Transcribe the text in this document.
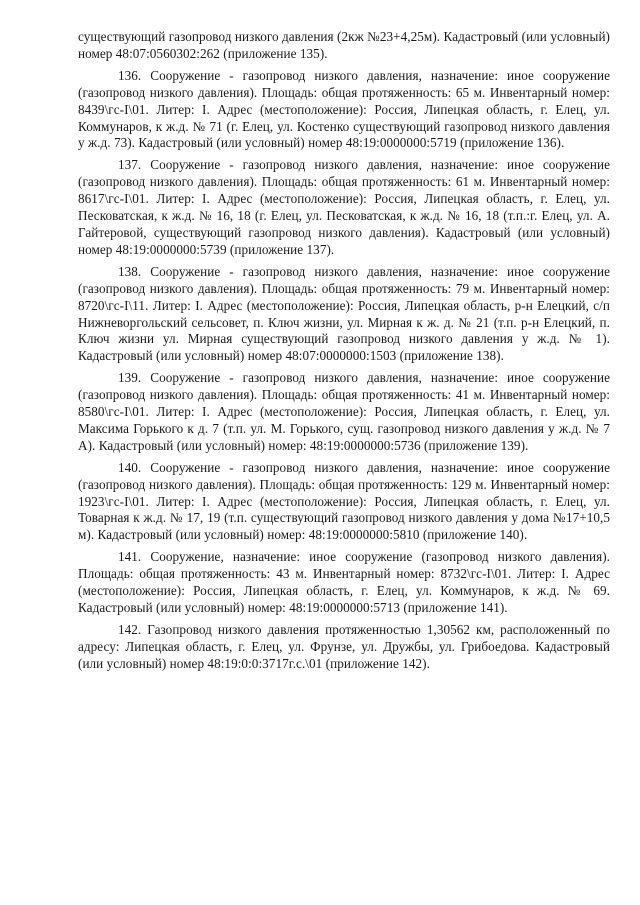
существующий газопровод низкого давления (2кж №23+4,25м). Кадастровый (или условный) номер 48:07:0560302:262 (приложение 135).

136. Сооружение - газопровод низкого давления, назначение: иное сооружение (газопровод низкого давления). Площадь: общая протяженность: 65 м. Инвентарный номер: 8439\гс-I\01. Литер: I. Адрес (местоположение): Россия, Липецкая область, г. Елец, ул. Коммунаров, к ж.д. № 71 (г. Елец, ул. Костенко существующий газопровод низкого давления у ж.д. 73). Кадастровый (или условный) номер 48:19:0000000:5719 (приложение 136).

137. Сооружение - газопровод низкого давления, назначение: иное сооружение (газопровод низкого давления). Площадь: общая протяженность: 61 м. Инвентарный номер: 8617\гс-I\01. Литер: I. Адрес (местоположение): Россия, Липецкая область, г. Елец, ул. Песковатская, к ж.д. № 16, 18 (г. Елец, ул. Песковатская, к ж.д. № 16, 18 (т.п.:г. Елец, ул. А. Гайтеровой, существующий газопровод низкого давления). Кадастровый (или условный) номер 48:19:0000000:5739 (приложение 137).

138. Сооружение - газопровод низкого давления, назначение: иное сооружение (газопровод низкого давления). Площадь: общая протяженность: 79 м. Инвентарный номер: 8720\гс-I\11. Литер: I. Адрес (местоположение): Россия, Липецкая область, р-н Елецкий, с/п Нижневоргольский сельсовет, п. Ключ жизни, ул. Мирная к ж. д. № 21 (т.п. р-н Елецкий, п. Ключ жизни ул. Мирная существующий газопровод низкого давления у ж.д. № 1). Кадастровый (или условный) номер 48:07:0000000:1503 (приложение 138).

139. Сооружение - газопровод низкого давления, назначение: иное сооружение (газопровод низкого давления). Площадь: общая протяженность: 41 м. Инвентарный номер: 8580\гс-I\01. Литер: I. Адрес (местоположение): Россия, Липецкая область, г. Елец, ул. Максима Горького к д. 7 (т.п. ул. М. Горького, сущ. газопровод низкого давления у ж.д. № 7 А). Кадастровый (или условный) номер: 48:19:0000000:5736 (приложение 139).

140. Сооружение - газопровод низкого давления, назначение: иное сооружение (газопровод низкого давления). Площадь: общая протяженность: 129 м. Инвентарный номер: 1923\гс-I\01. Литер: I. Адрес (местоположение): Россия, Липецкая область, г. Елец, ул. Товарная к ж.д. № 17, 19 (т.п. существующий газопровод низкого давления у дома №17+10,5 м). Кадастровый (или условный) номер: 48:19:0000000:5810 (приложение 140).

141. Сооружение, назначение: иное сооружение (газопровод низкого давления). Площадь: общая протяженность: 43 м. Инвентарный номер: 8732\гс-I\01. Литер: I. Адрес (местоположение): Россия, Липецкая область, г. Елец, ул. Коммунаров, к ж.д. № 69. Кадастровый (или условный) номер: 48:19:0000000:5713 (приложение 141).

142. Газопровод низкого давления протяженностью 1,30562 км, расположенный по адресу: Липецкая область, г. Елец, ул. Фрунзе, ул. Дружбы, ул. Грибоедова. Кадастровый (или условный) номер 48:19:0:0:3717г.с.\01 (приложение 142).
